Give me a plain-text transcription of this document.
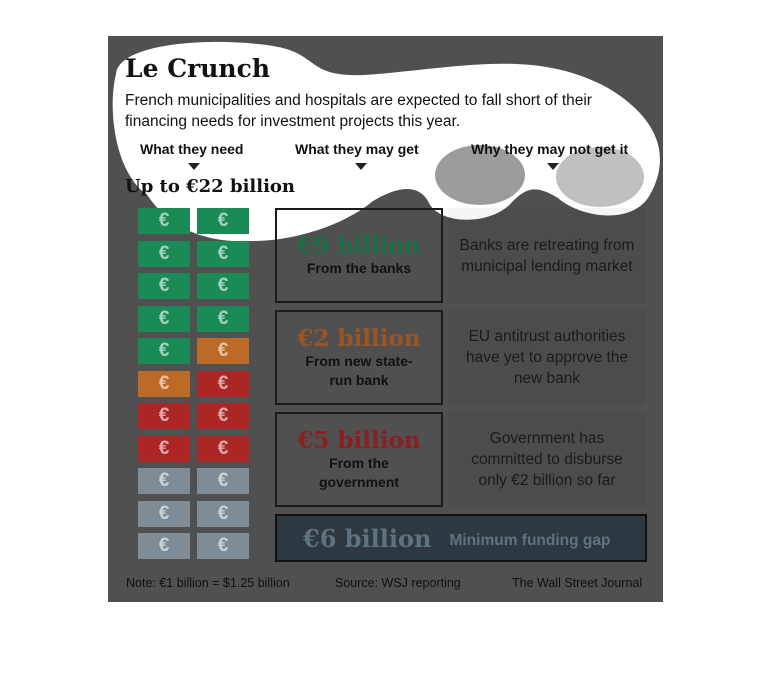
Le Crunch

French municipalities and hospitals are expected to fall short of their financing needs for investment projects this year.

What they need	What they may get	Why they may not get it
Up to €22 billion
€	€
€	€
€	€
€	€
€	€
€	€
€	€
€	€
€	€
€	€
€	€
€9 billion
From the banks
Banks are retreating from municipal lending market
€2 billion
From new state-run bank
EU antitrust authorities have yet to approve the new bank
€5 billion
From the government
Government has committed to disburse only €2 billion so far
€6 billion Minimum funding gap
Note: €1 billion = $1.25 billion	Source: WSJ reporting	The Wall Street Journal
